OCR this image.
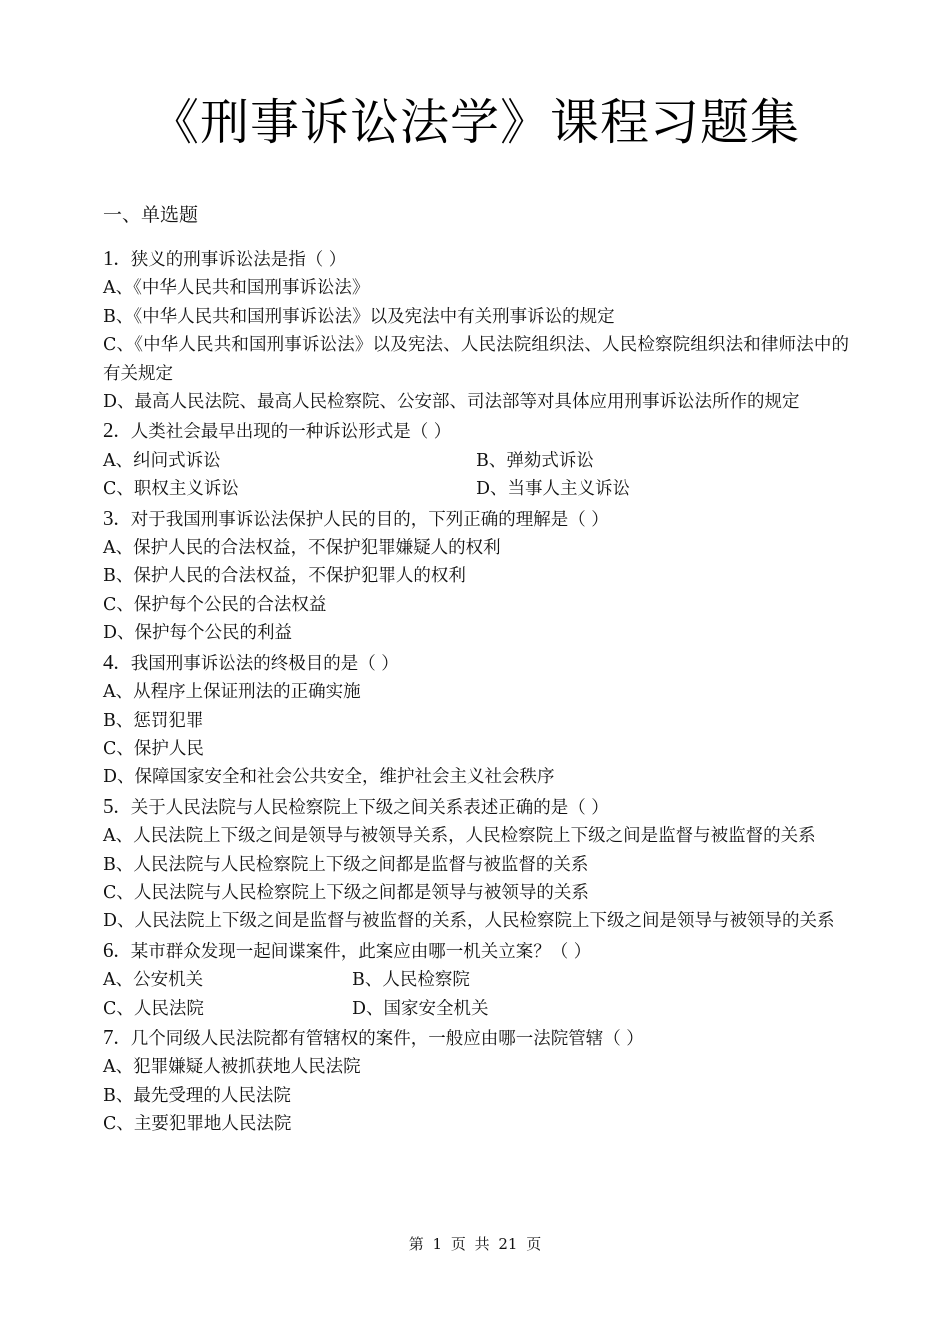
《刑事诉讼法学》课程习题集
一、单选题
1. 狭义的刑事诉讼法是指（ ）
A、《中华人民共和国刑事诉讼法》
B、《中华人民共和国刑事诉讼法》以及宪法中有关刑事诉讼的规定
C、《中华人民共和国刑事诉讼法》以及宪法、人民法院组织法、人民检察院组织法和律师法中的有关规定
D、最高人民法院、最高人民检察院、公安部、司法部等对具体应用刑事诉讼法所作的规定
2. 人类社会最早出现的一种诉讼形式是（ ）
A、纠问式诉讼	B、弹劾式诉讼
C、职权主义诉讼	D、当事人主义诉讼
3. 对于我国刑事诉讼法保护人民的目的，下列正确的理解是（ ）
A、保护人民的合法权益，不保护犯罪嫌疑人的权利
B、保护人民的合法权益，不保护犯罪人的权利
C、保护每个公民的合法权益
D、保护每个公民的利益
4. 我国刑事诉讼法的终极目的是（ ）
A、从程序上保证刑法的正确实施
B、惩罚犯罪
C、保护人民
D、保障国家安全和社会公共安全，维护社会主义社会秩序
5. 关于人民法院与人民检察院上下级之间关系表述正确的是（ ）
A、人民法院上下级之间是领导与被领导关系，人民检察院上下级之间是监督与被监督的关系
B、人民法院与人民检察院上下级之间都是监督与被监督的关系
C、人民法院与人民检察院上下级之间都是领导与被领导的关系
D、人民法院上下级之间是监督与被监督的关系，人民检察院上下级之间是领导与被领导的关系
6. 某市群众发现一起间谍案件，此案应由哪一机关立案？（ ）
A、公安机关	B、人民检察院
C、人民法院	D、国家安全机关
7. 几个同级人民法院都有管辖权的案件，一般应由哪一法院管辖（ ）
A、犯罪嫌疑人被抓获地人民法院
B、最先受理的人民法院
C、主要犯罪地人民法院
第 1 页 共 21 页
